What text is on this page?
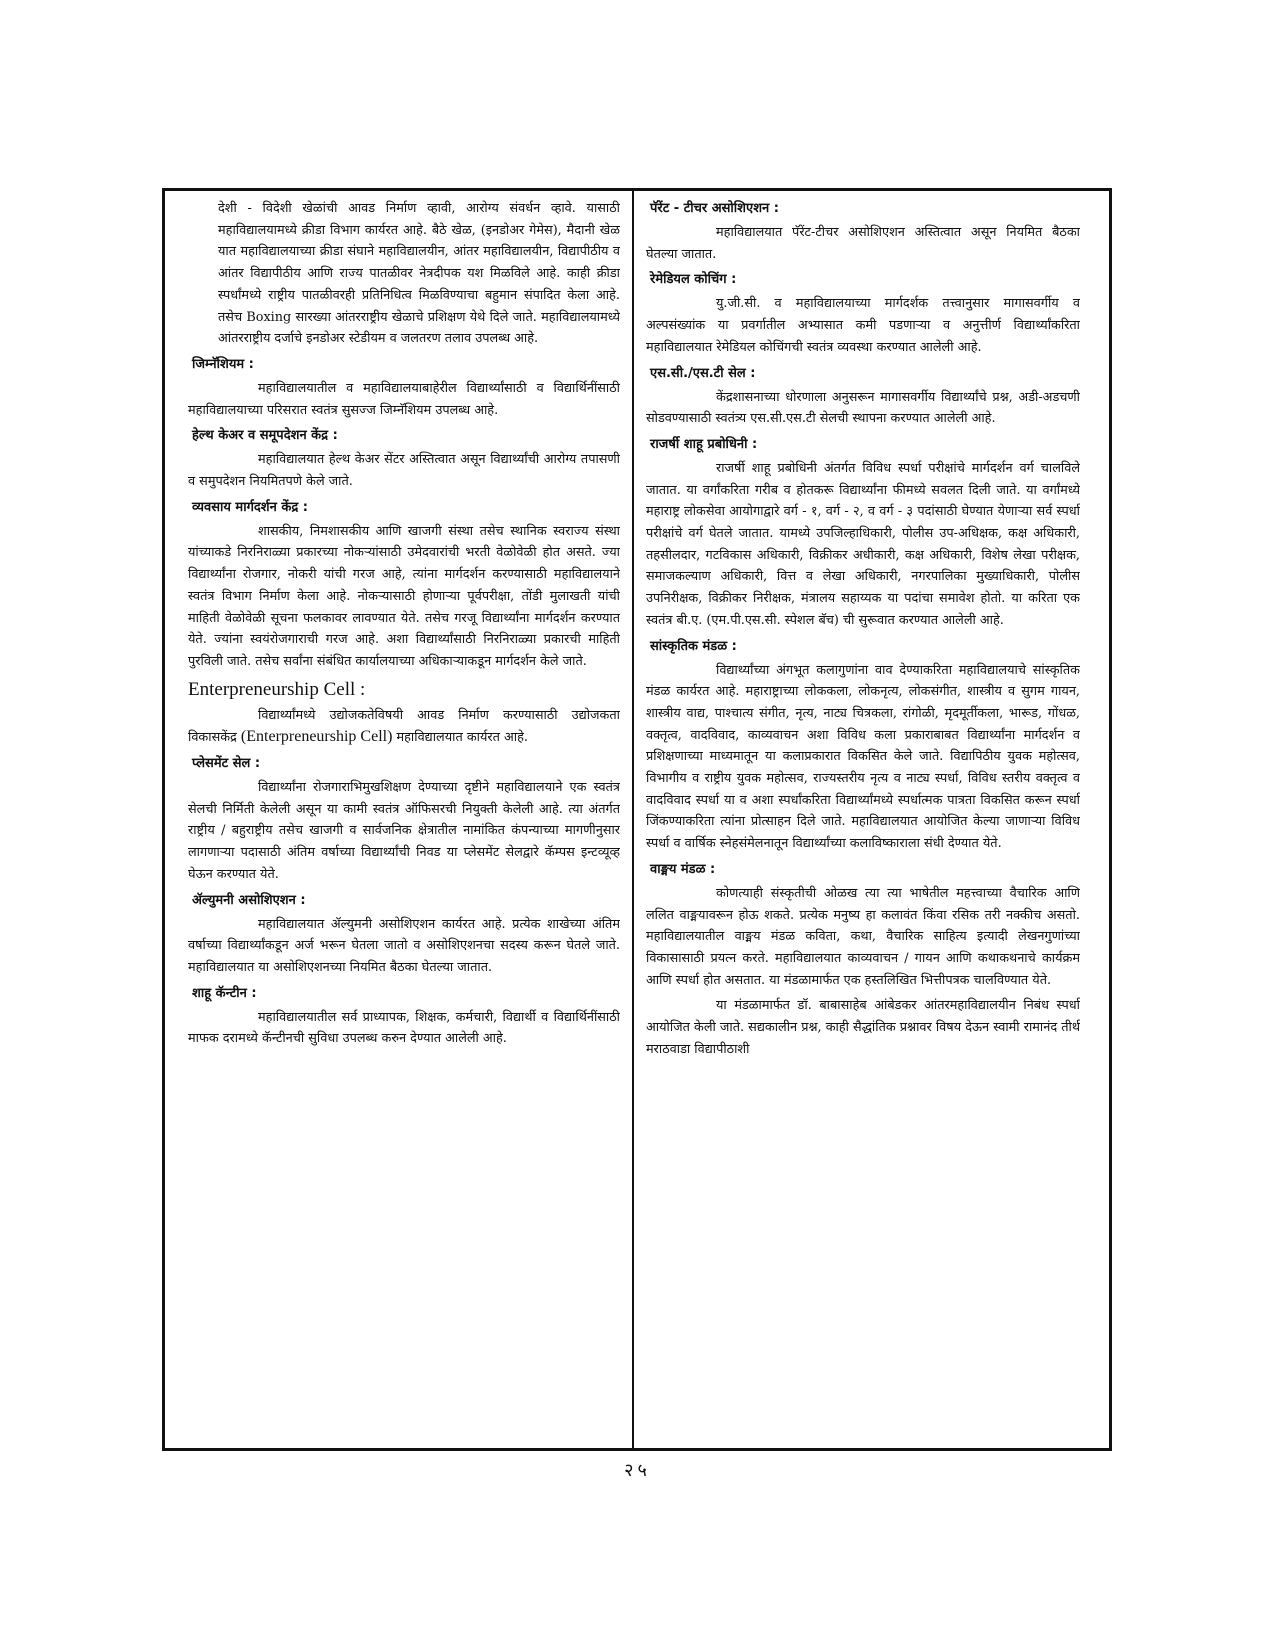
देशी - विदेशी खेळांची आवड निर्माण व्हावी, आरोग्य संवर्धन व्हावे. यासाठी महाविद्यालयामध्ये क्रीडा विभाग कार्यरत आहे. बैठे खेळ, (इनडोअर गेमेस), मैदानी खेळ यात महाविद्यालयाच्या क्रीडा संघाने महाविद्यालयीन, आंतर महाविद्यालयीन, विद्यापीठीय व आंतर विद्यापीठीय आणि राज्य पातळीवर नेत्रदीपक यश मिळविले आहे. काही क्रीडा स्पर्धांमध्ये राष्ट्रीय पातळीवरही प्रतिनिधित्व मिळविण्याचा बहुमान संपादित केला आहे. तसेच Boxing सारख्या आंतरराष्ट्रीय खेळाचे प्रशिक्षण येथे दिले जाते. महाविद्यालयामध्ये आंतरराष्ट्रीय दर्जाचे इनडोअर स्टेडीयम व जलतरण तलाव उपलब्ध आहे.

जिम्नॅशियम :

महाविद्यालयातील व महाविद्यालयाबाहेरील विद्यार्थ्यांसाठी व विद्यार्थिनींसाठी महाविद्यालयाच्या परिसरात स्वतंत्र सुसज्ज जिम्नॅशियम उपलब्ध आहे.

हेल्थ केअर व समूपदेशन केंद्र :

महाविद्यालयात हेल्थ केअर सेंटर अस्तित्वात असून विद्यार्थ्यांची आरोग्य तपासणी व समुपदेशन नियमितपणे केले जाते.

व्यवसाय मार्गदर्शन केंद्र :

शासकीय, निमशासकीय आणि खाजगी संस्था तसेच स्थानिक स्वराज्य संस्था यांच्याकडे निरनिराळ्या प्रकारच्या नोकऱ्यांसाठी उमेदवारांची भरती वेळोवेळी होत असते. ज्या विद्यार्थ्यांना रोजगार, नोकरी यांची गरज आहे, त्यांना मार्गदर्शन करण्यासाठी महाविद्यालयाने स्वतंत्र विभाग निर्माण केला आहे. नोकऱ्यासाठी होणाऱ्या पूर्वपरीक्षा, तोंडी मुलाखती यांची माहिती वेळोवेळी सूचना फलकावर लावण्यात येते. तसेच गरजू विद्यार्थ्यांना मार्गदर्शन करण्यात येते. ज्यांना स्वयंरोजगाराची गरज आहे. अशा विद्यार्थ्यांसाठी निरनिराळ्या प्रकारची माहिती पुरविली जाते. तसेच सर्वांना संबंधित कार्यालयाच्या अधिकाऱ्याकडून मार्गदर्शन केले जाते.

Enterpreneurship Cell :

विद्यार्थ्यांमध्ये उद्योजकतेविषयी आवड निर्माण करण्यासाठी उद्योजकता विकासकेंद्र (Enterpreneurship Cell) महाविद्यालयात कार्यरत आहे.

प्लेसमेंट सेल :

विद्यार्थ्यांना रोजगाराभिमुखशिक्षण देण्याच्या दृष्टीने महाविद्यालयाने एक स्वतंत्र सेलची निर्मिती केलेली असून या कामी स्वतंत्र ऑफिसरची नियुक्ती केलेली आहे. त्या अंतर्गत राष्ट्रीय / बहुराष्ट्रीय तसेच खाजगी व सार्वजनिक क्षेत्रातील नामांकित कंपन्याच्या मागणीनुसार लागणाऱ्या पदासाठी अंतिम वर्षाच्या विद्यार्थ्यांची निवड या प्लेसमेंट सेलद्वारे कॅम्पस इन्टव्यूव्ह घेऊन करण्यात येते.

ॲल्युमनी असोशिएशन :

महाविद्यालयात ॲल्युमनी असोशिएशन कार्यरत आहे. प्रत्येक शाखेच्या अंतिम वर्षाच्या विद्यार्थ्यांकडून अर्ज भरून घेतला जातो व असोशिएशनचा सदस्य करून घेतले जाते. महाविद्यालयात या असोशिएशनच्या नियमित बैठका घेतल्या जातात.

शाहू कॅन्टीन :

महाविद्यालयातील सर्व प्राध्यापक, शिक्षक, कर्मचारी, विद्यार्थी व विद्यार्थिनींसाठी माफक दरामध्ये कॅन्टीनची सुविधा उपलब्ध करुन देण्यात आलेली आहे.

पॅरेंट - टीचर असोशिएशन :

महाविद्यालयात पॅरेंट-टीचर असोशिएशन अस्तित्वात असून नियमित बैठका घेतल्या जातात.

रेमेडियल कोचिंग :

यु.जी.सी. व महाविद्यालयाच्या मार्गदर्शक तत्त्वानुसार मागासवर्गीय व अल्पसंख्यांक या प्रवर्गातील अभ्यासात कमी पडणाऱ्या व अनुत्तीर्ण विद्यार्थ्यांकरिता महाविद्यालयात रेमेडियल कोचिंगची स्वतंत्र व्यवस्था करण्यात आलेली आहे.

एस.सी./एस.टी सेल :

केंद्रशासनाच्या धोरणाला अनुसरून मागासवर्गीय विद्यार्थ्यांचे प्रश्न, अडी-अडचणी सोडवण्यासाठी स्वतंत्र्य एस.सी.एस.टी सेलची स्थापना करण्यात आलेली आहे.

राजर्षी शाहू प्रबोधिनी :

राजर्षी शाहू प्रबोधिनी अंतर्गत विविध स्पर्धा परीक्षांचे मार्गदर्शन वर्ग चालविले जातात. या वर्गांकरिता गरीब व होतकरू विद्यार्थ्यांना फीमध्ये सवलत दिली जाते. या वर्गांमध्ये महाराष्ट्र लोकसेवा आयोगाद्वारे वर्ग - १, वर्ग - २, व वर्ग - ३ पदांसाठी घेण्यात येणाऱ्या सर्व स्पर्धा परीक्षांचे वर्ग घेतले जातात. यामध्ये उपजिल्हाधिकारी, पोलीस उप-अधिक्षक, कक्ष अधिकारी, तहसीलदार, गटविकास अधिकारी, विक्रीकर अधीकारी, कक्ष अधिकारी, विशेष लेखा परीक्षक, समाजकल्याण अधिकारी, वित्त व लेखा अधिकारी, नगरपालिका मुख्याधिकारी, पोलीस उपनिरीक्षक, विक्रीकर निरीक्षक, मंत्रालय सहाय्यक या पदांचा समावेश होतो. या करिता एक स्वतंत्र बी.ए. (एम.पी.एस.सी. स्पेशल बॅच) ची सुरूवात करण्यात आलेली आहे.

सांस्कृतिक मंडळ :

विद्यार्थ्यांच्या अंगभूत कलागुणांना वाव देण्याकरिता महाविद्यालयाचे सांस्कृतिक मंडळ कार्यरत आहे. महाराष्ट्राच्या लोककला, लोकनृत्य, लोकसंगीत, शास्त्रीय व सुगम गायन, शास्त्रीय वाद्य, पाश्चात्य संगीत, नृत्य, नाट्य चित्रकला, रांगोळी, मृदमूर्तीकला, भारूड, गोंधळ, वक्तृत्व, वादविवाद, काव्यवाचन अशा विविध कला प्रकाराबाबत विद्यार्थ्यांना मार्गदर्शन व प्रशिक्षणाच्या माध्यमातून या कलाप्रकारात विकसित केले जाते. विद्यापिठीय युवक महोत्सव, विभागीय व राष्ट्रीय युवक महोत्सव, राज्यस्तरीय नृत्य व नाट्य स्पर्धा, विविध स्तरीय वक्तृत्व व वादविवाद स्पर्धा या व अशा स्पर्धांकरिता विद्यार्थ्यांमध्ये स्पर्धात्मक पात्रता विकसित करून स्पर्धा जिंकण्याकरिता त्यांना प्रोत्साहन दिले जाते. महाविद्यालयात आयोजित केल्या जाणाऱ्या विविध स्पर्धा व वार्षिक स्नेहसंमेलनातून विद्यार्थ्यांच्या कलाविष्काराला संधी देण्यात येते.

वाङ्मय मंडळ :

कोणत्याही संस्कृतीची ओळख त्या त्या भाषेतील महत्त्वाच्या वैचारिक आणि ललित वाङ्मयावरून होऊ शकते. प्रत्येक मनुष्य हा कलावंत किंवा रसिक तरी नक्कीच असतो. महाविद्यालयातील वाङ्मय मंडळ कविता, कथा, वैचारिक साहित्य इत्यादी लेखनगुणांच्या विकासासाठी प्रयत्न करते. महाविद्यालयात काव्यवाचन / गायन आणि कथाकथनाचे कार्यक्रम आणि स्पर्धा होत असतात. या मंडळामार्फत एक हस्तलिखित भित्तीपत्रक चालविण्यात येते.

या मंडळामार्फत डॉ. बाबासाहेब आंबेडकर आंतरमहाविद्यालयीन निबंध स्पर्धा आयोजित केली जाते. सद्यकालीन प्रश्न, काही सैद्धांतिक प्रश्नावर विषय देऊन स्वामी रामानंद तीर्थ मराठवाडा विद्यापीठाशी

२५
